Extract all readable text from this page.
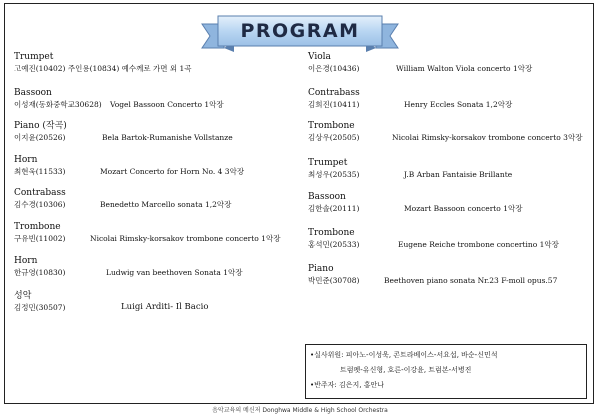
PROGRAM
Trumpet
고예진(10402) 주인용(10834) 예수께로 가면 외 1곡
Bassoon
이성재(동화중학교30628) Vogel Bassoon Concerto 1악장
Piano (작곡)
이지윤(20526)	Bela Bartok-Rumanishe Vollstanze
Horn
최현욱(11533)	Mozart Concerto for Horn No. 4 3악장
Contrabass
김수경(10306)	Benedetto Marcello sonata 1,2악장
Trombone
구유빈(11002)	Nicolai Rimsky-korsakov trombone concerto 1악장
Horn
한규영(10830)	Ludwig van beethoven Sonata 1악장
성악
김정민(30507)	Luigi Arditi- Il Bacio
Viola
이은경(10436)	William Walton Viola concerto 1악장
Contrabass
김희진(10411)	Henry Eccles Sonata 1,2악장
Trombone
김상우(20505)	Nicolai Rimsky-korsakov trombone concerto 3악장
Trumpet
최성우(20535)	J.B Arban Fantaisie Brillante
Bassoon
김한솔(20111)	Mozart Bassoon concerto 1악장
Trombone
홍석민(20533)	Eugene Reiche trombone concertino 1악장
Piano
박민준(30708)	Beethoven piano sonata Nr.23 F-moll opus.57
•실사위원: 피아노-이성욱, 콘트라베이스-서요섭, 바순-신민석
트럼펫-유신형, 호른-이강윤, 트럼본-서병진
•반주자: 김은지, 홍안나
음악교육의 메신저 Donghwa Middle & High School Orchestra
